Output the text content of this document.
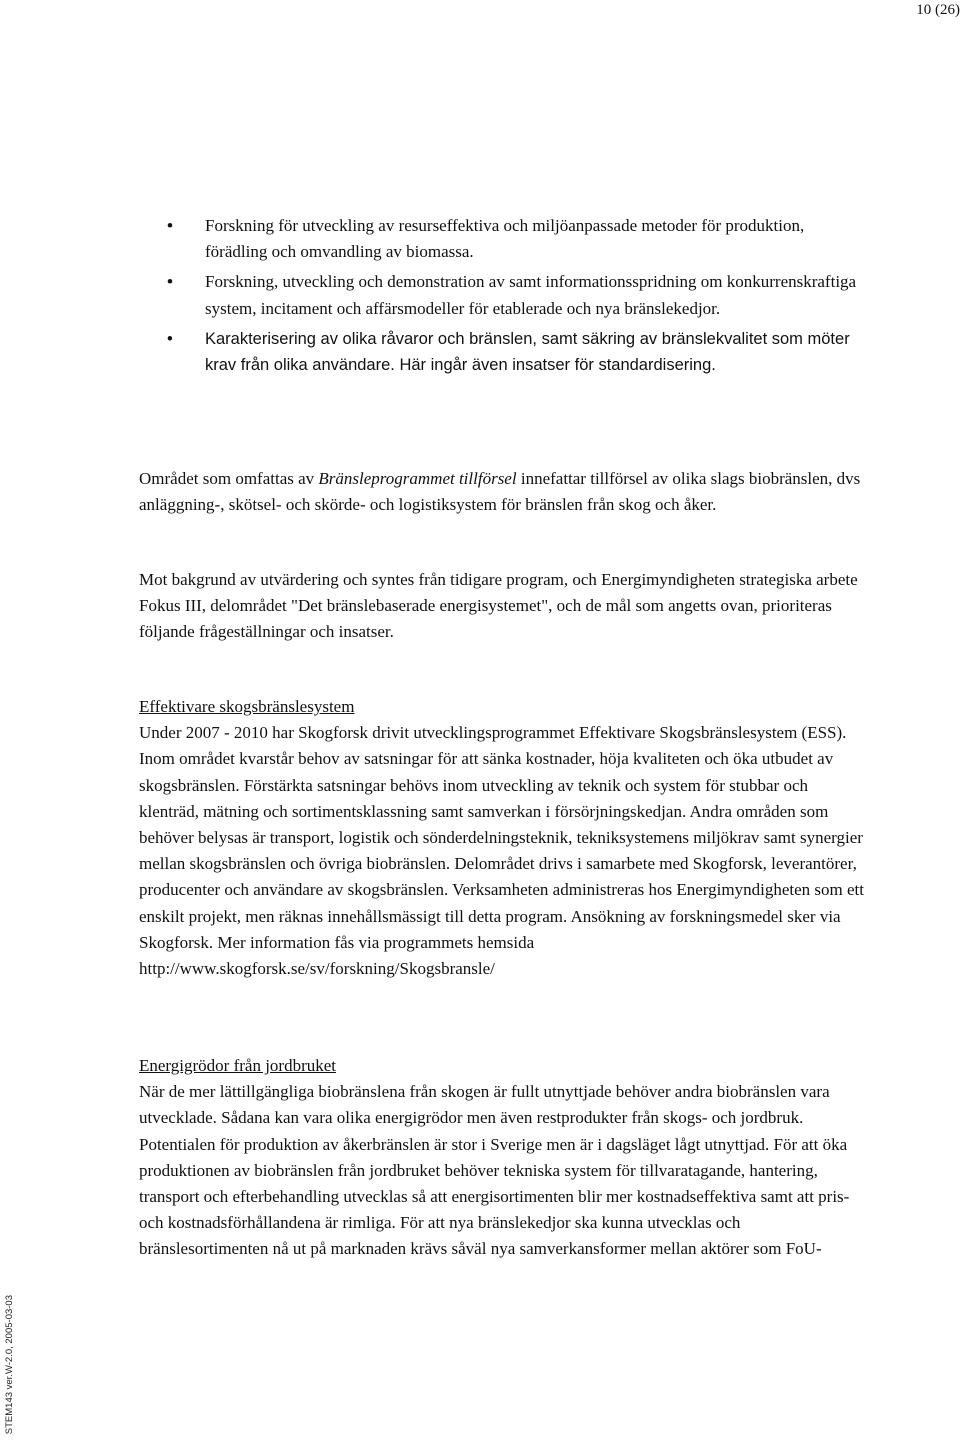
10 (26)
• Forskning för utveckling av resurseffektiva och miljöanpassade metoder för produktion, förädling och omvandling av biomassa.
• Forskning, utveckling och demonstration av samt informationsspridning om konkurrenskraftiga system, incitament och affärsmodeller för etablerade och nya bränslekedjor.
• Karakterisering av olika råvaror och bränslen, samt säkring av bränslekvalitet som möter krav från olika användare. Här ingår även insatser för standardisering.

Området som omfattas av Bränsleprogrammet tillförsel innefattar tillförsel av olika slags biobränslen, dvs anläggning-, skötsel- och skörde- och logistiksystem för bränslen från skog och åker.

Mot bakgrund av utvärdering och syntes från tidigare program, och Energimyndigheten strategiska arbete Fokus III, delområdet "Det bränslebaserade energisystemet", och de mål som angetts ovan, prioriteras följande frågeställningar och insatser.

Effektivare skogsbränslesystem
Under 2007 - 2010 har Skogforsk drivit utvecklingsprogrammet Effektivare Skogsbränslesystem (ESS). Inom området kvarstår behov av satsningar för att sänka kostnader, höja kvaliteten och öka utbudet av skogsbränslen. Förstärkta satsningar behövs inom utveckling av teknik och system för stubbar och klenträd, mätning och sortimentsklassning samt samverkan i försörjningskedjan. Andra områden som behöver belysas är transport, logistik och sönderdelningsteknik, tekniksystemens miljökrav samt synergier mellan skogsbränslen och övriga biobränslen. Delområdet drivs i samarbete med Skogforsk, leverantörer, producenter och användare av skogsbränslen. Verksamheten administreras hos Energimyndigheten som ett enskilt projekt, men räknas innehållsmässigt till detta program. Ansökning av forskningsmedel sker via Skogforsk. Mer information fås via programmets hemsida http://www.skogforsk.se/sv/forskning/Skogsbransle/
Energigrödor från jordbruket
När de mer lättillgängliga biobränslena från skogen är fullt utnyttjade behöver andra biobränslen vara utvecklade. Sådana kan vara olika energigrödor men även restprodukter från skogs- och jordbruk. Potentialen för produktion av åkerbränslen är stor i Sverige men är i dagsläget lågt utnyttjad. För att öka produktionen av biobränslen från jordbruket behöver tekniska system för tillvaratagande, hantering, transport och efterbehandling utvecklas så att energisortimenten blir mer kostnadseffektiva samt att pris- och kostnadsförhållandena är rimliga. För att nya bränslekedjor ska kunna utvecklas och bränslesortimenten nå ut på marknaden krävs såväl nya samverkansformer mellan aktörer som FoU-
STEM143 ver.W-2.0, 2005-03-03
